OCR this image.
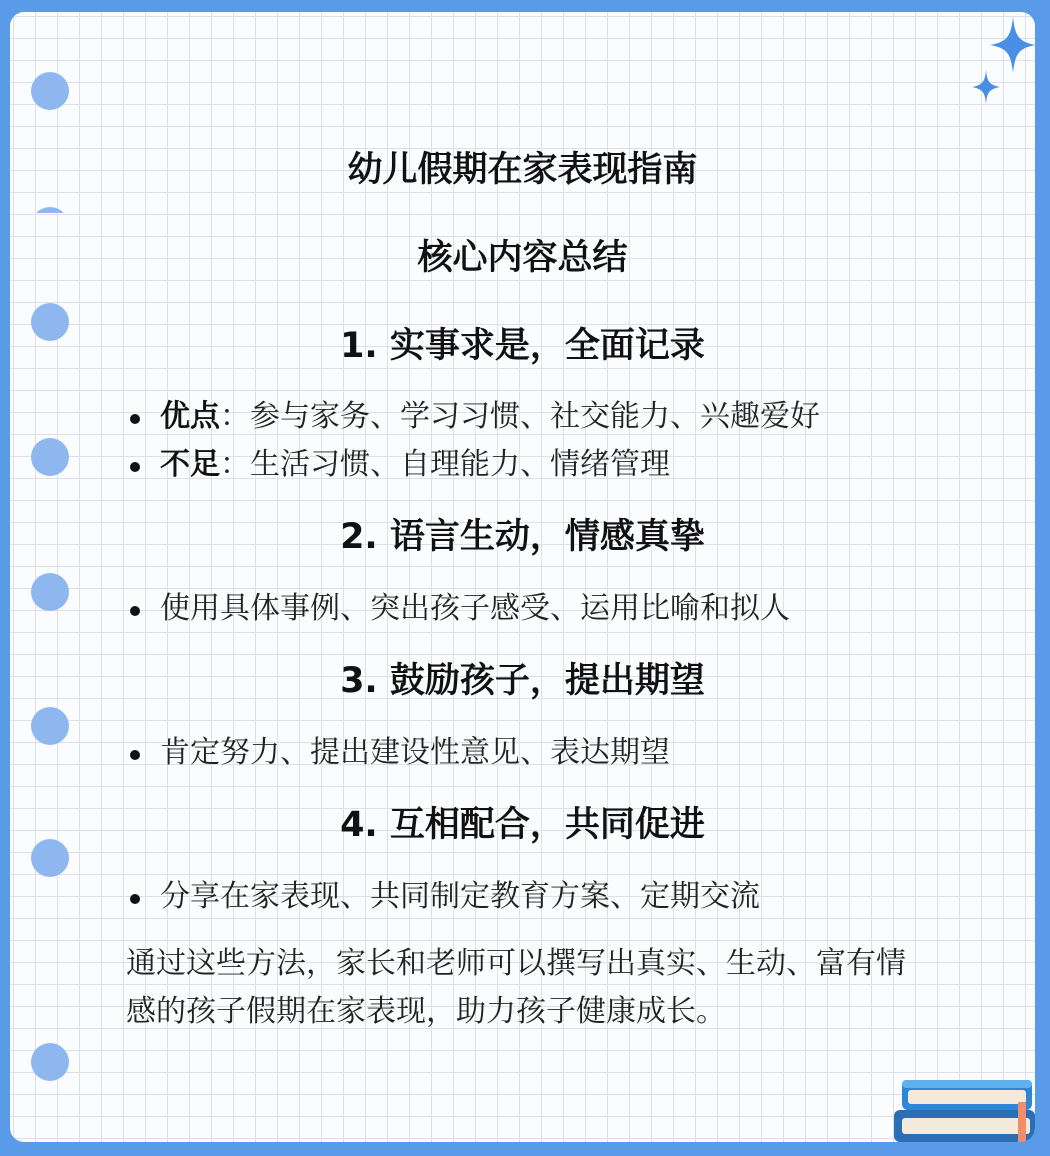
幼儿假期在家表现指南
核心内容总结
1. 实事求是，全面记录
优点：参与家务、学习习惯、社交能力、兴趣爱好
不足：生活习惯、自理能力、情绪管理
2. 语言生动，情感真挚
使用具体事例、突出孩子感受、运用比喻和拟人
3. 鼓励孩子，提出期望
肯定努力、提出建设性意见、表达期望
4. 互相配合，共同促进
分享在家表现、共同制定教育方案、定期交流

通过这些方法，家长和老师可以撰写出真实、生动、富有情感的孩子假期在家表现，助力孩子健康成长。
